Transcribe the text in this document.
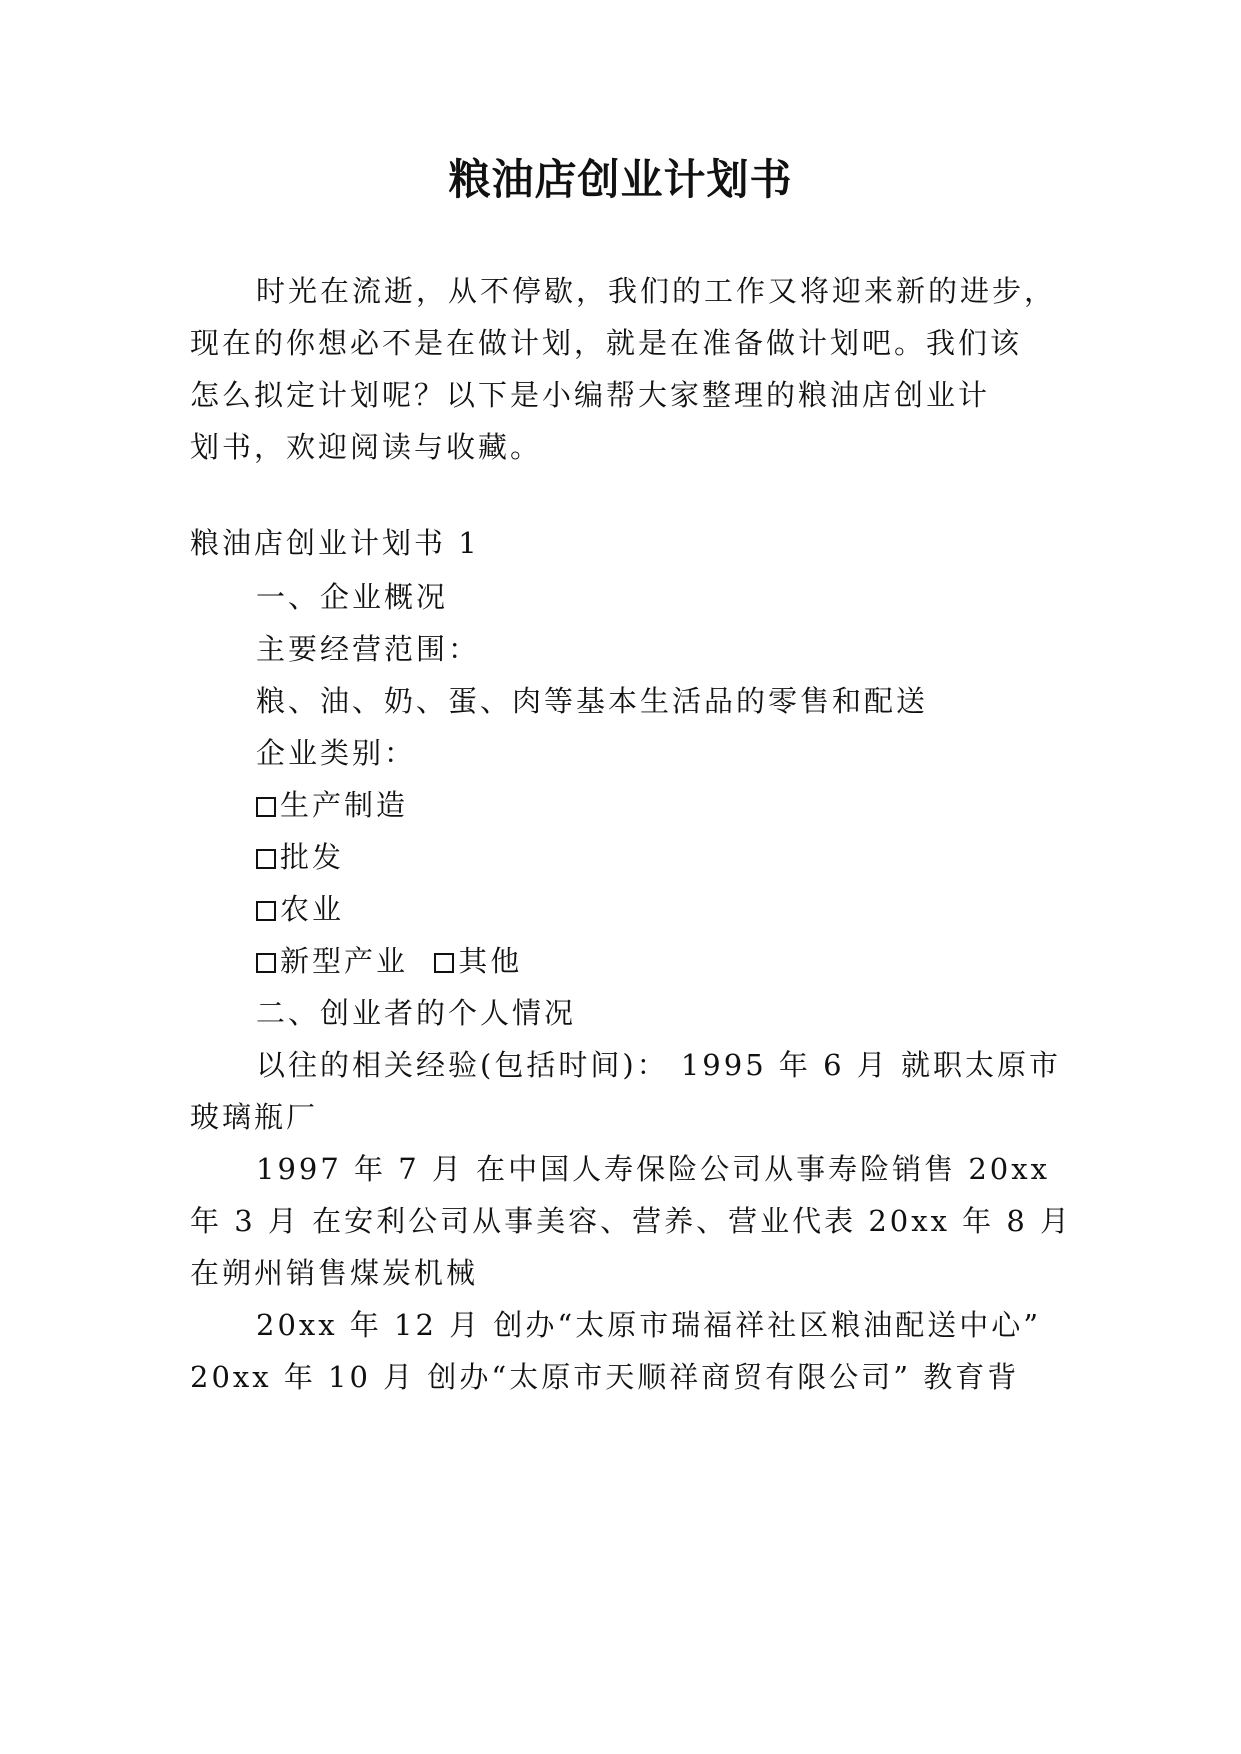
粮油店创业计划书
时光在流逝，从不停歇，我们的工作又将迎来新的进步，
现在的你想必不是在做计划，就是在准备做计划吧。我们该
怎么拟定计划呢？以下是小编帮大家整理的粮油店创业计
划书，欢迎阅读与收藏。
粮油店创业计划书 1
一、企业概况
主要经营范围：
粮、油、奶、蛋、肉等基本生活品的零售和配送
企业类别：
生产制造
批发
农业
新型产业 其他
二、创业者的个人情况
以往的相关经验(包括时间)： 1995 年 6 月 就职太原市
玻璃瓶厂
1997 年 7 月 在中国人寿保险公司从事寿险销售 20xx
年 3 月 在安利公司从事美容、营养、营业代表 20xx 年 8 月
在朔州销售煤炭机械
20xx 年 12 月 创办“太原市瑞福祥社区粮油配送中心”
20xx 年 10 月 创办“太原市天顺祥商贸有限公司” 教育背
